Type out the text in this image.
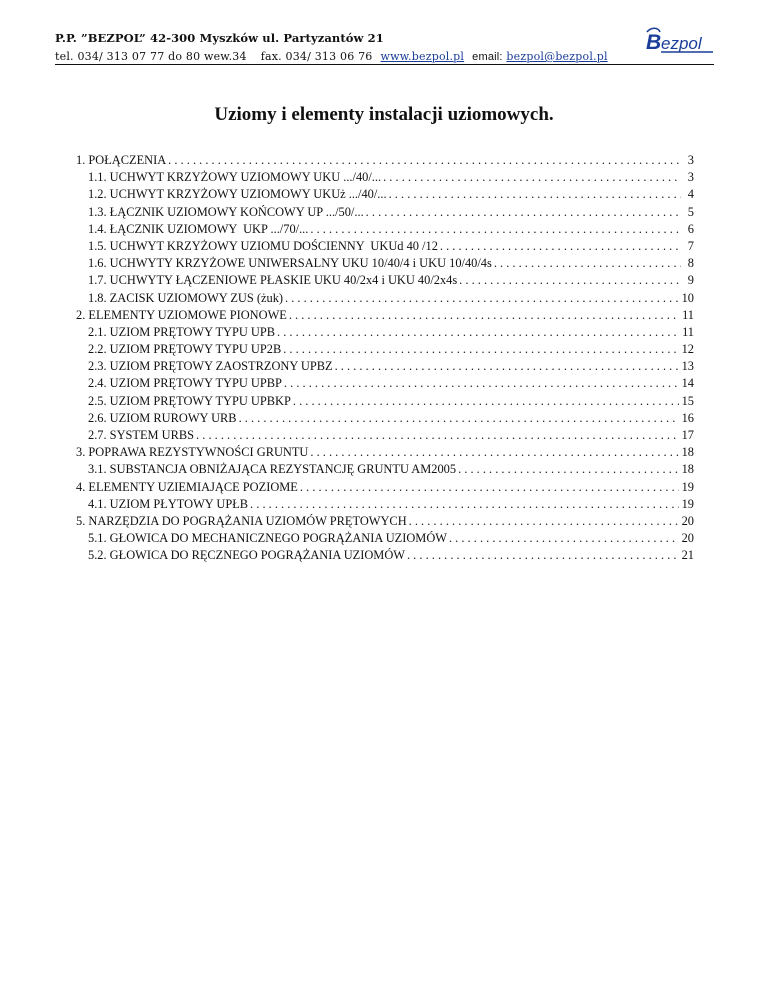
P.P. ”BEZPOL” 42-300 Myszków ul. Partyzantów 21
tel. 034/ 313 07 77 do 80 wew.34 fax. 034/ 313 06 76 www.bezpol.pl email: bezpol@bezpol.pl
B ezpol
Uziomy i elementy instalacji uziomowych.
1. POŁĄCZENIA . . .	3
1.1. UCHWYT KRZYŻOWY UZIOMOWY UKU .../40/... . . .	3
1.2. UCHWYT KRZYŻOWY UZIOMOWY UKUż .../40/... . . .	4
1.3. ŁĄCZNIK UZIOMOWY KOŃCOWY UP .../50/... . . .	5
1.4. ŁĄCZNIK UZIOMOWY  UKP .../70/... . . .	6
1.5. UCHWYT KRZYŻOWY UZIOMU DOŚCIENNY  UKUd 40 /12 . . .	7
1.6. UCHWYTY KRZYŻOWE UNIWERSALNY UKU 10/40/4 i UKU 10/40/4s . . .	8
1.7. UCHWYTY ŁĄCZENIOWE PŁASKIE UKU 40/2x4 i UKU 40/2x4s . . .	9
1.8. ZACISK UZIOMOWY ZUS (żuk) . . .	10
2. ELEMENTY UZIOMOWE PIONOWE . . .	11
2.1. UZIOM PRĘTOWY TYPU UPB . . .	11
2.2. UZIOM PRĘTOWY TYPU UP2B . . .	12
2.3. UZIOM PRĘTOWY ZAOSTRZONY UPBZ . . .	13
2.4. UZIOM PRĘTOWY TYPU UPBP . . .	14
2.5. UZIOM PRĘTOWY TYPU UPBKP . . .	15
2.6. UZIOM RUROWY URB . . .	16
2.7. SYSTEM URBS . . .	17
3. POPRAWA REZYSTYWNOŚCI GRUNTU . . .	18
3.1. SUBSTANCJA OBNIŻAJĄCA REZYSTANCJĘ GRUNTU AM2005 . . .	18
4. ELEMENTY UZIEMIAJĄCE POZIOME . . .	19
4.1. UZIOM PŁYTOWY UPŁB . . .	19
5. NARZĘDZIA DO POGRĄŻANIA UZIOMÓW PRĘTOWYCH . . .	20
5.1. GŁOWICA DO MECHANICZNEGO POGRĄŻANIA UZIOMÓW . . .	20
5.2. GŁOWICA DO RĘCZNEGO POGRĄŻANIA UZIOMÓW . . .	21
